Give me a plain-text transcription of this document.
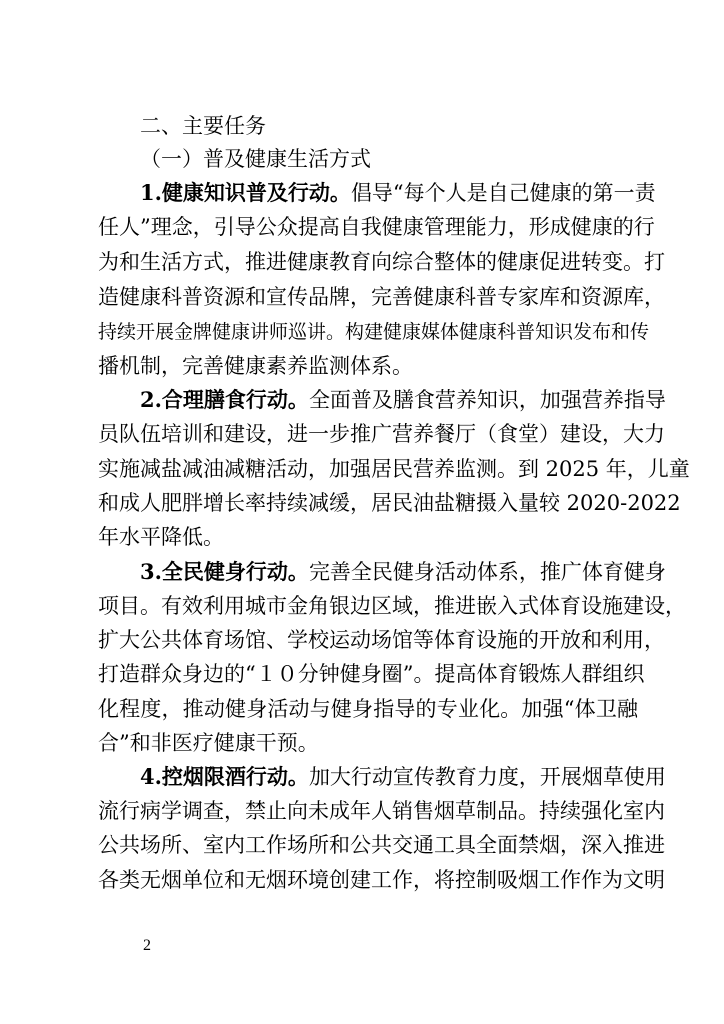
二、主要任务
（一）普及健康生活方式
1.健康知识普及行动。倡导“每个人是自己健康的第一责
任人”理念，引导公众提高自我健康管理能力，形成健康的行
为和生活方式，推进健康教育向综合整体的健康促进转变。打
造健康科普资源和宣传品牌，完善健康科普专家库和资源库，
持续开展金牌健康讲师巡讲。构建健康媒体健康科普知识发布和传
播机制，完善健康素养监测体系。
2.合理膳食行动。全面普及膳食营养知识，加强营养指导
员队伍培训和建设，进一步推广营养餐厅（食堂）建设，大力
实施减盐减油减糖活动，加强居民营养监测。到 2025 年，儿童
和成人肥胖增长率持续减缓，居民油盐糖摄入量较 2020-2022
年水平降低。
3.全民健身行动。完善全民健身活动体系，推广体育健身
项目。有效利用城市金角银边区域，推进嵌入式体育设施建设，
扩大公共体育场馆、学校运动场馆等体育设施的开放和利用，
打造群众身边的“１０分钟健身圈”。提高体育锻炼人群组织
化程度，推动健身活动与健身指导的专业化。加强“体卫融
合”和非医疗健康干预。
4.控烟限酒行动。加大行动宣传教育力度，开展烟草使用
流行病学调查，禁止向未成年人销售烟草制品。持续强化室内
公共场所、室内工作场所和公共交通工具全面禁烟，深入推进
各类无烟单位和无烟环境创建工作，将控制吸烟工作作为文明
2
